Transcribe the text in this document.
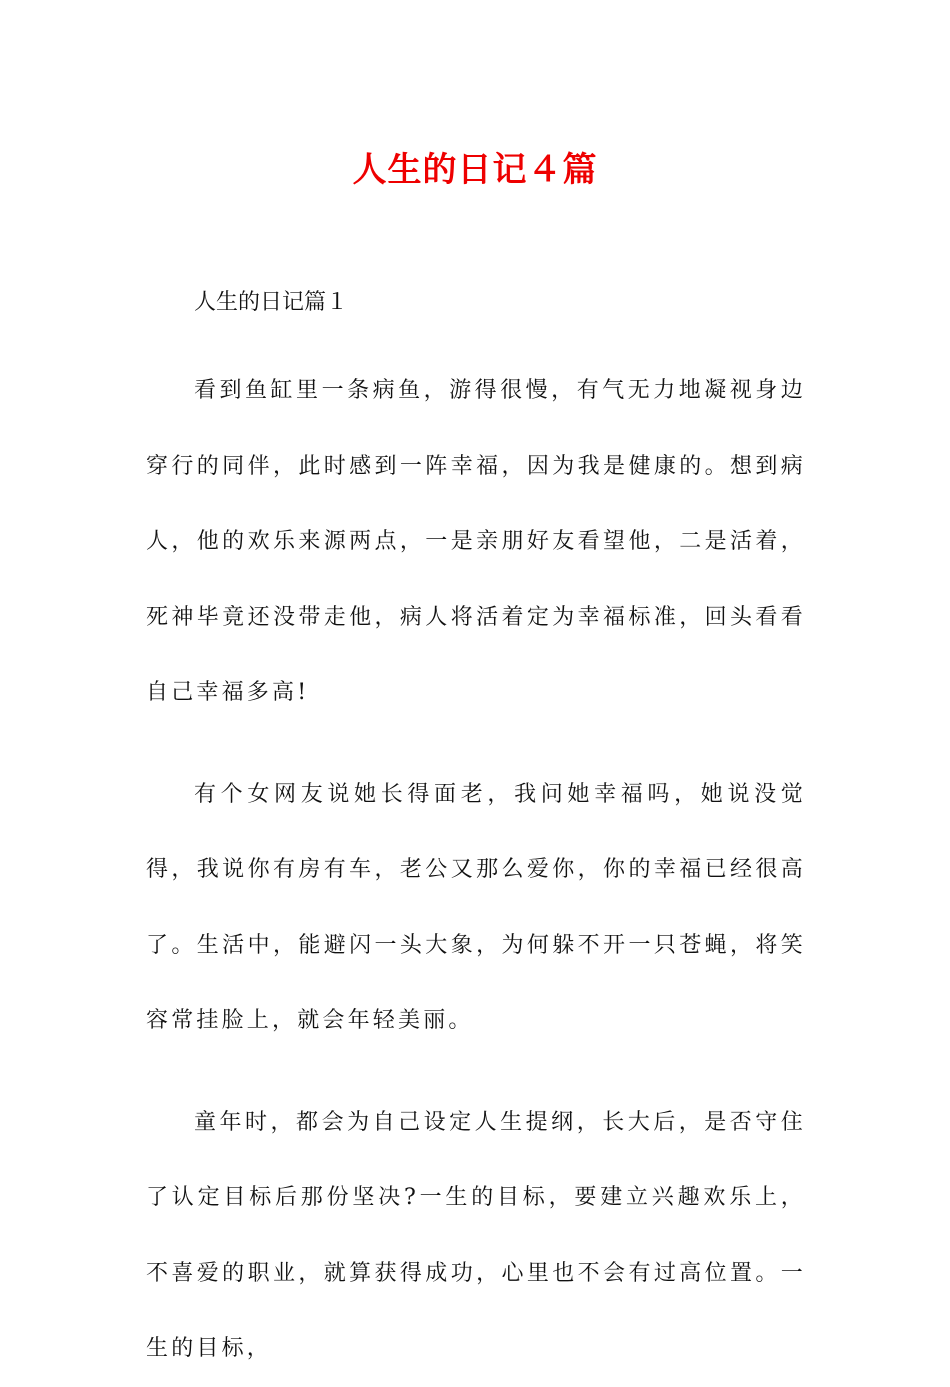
人生的日记４篇

人生的日记篇１

看到鱼缸里一条病鱼，游得很慢，有气无力地凝视身边穿行的同伴，此时感到一阵幸福，因为我是健康的。想到病人，他的欢乐来源两点，一是亲朋好友看望他，二是活着，死神毕竟还没带走他，病人将活着定为幸福标准，回头看看自己幸福多高!

有个女网友说她长得面老，我问她幸福吗，她说没觉得，我说你有房有车，老公又那么爱你，你的幸福已经很高了。生活中，能避闪一头大象，为何躲不开一只苍蝇，将笑容常挂脸上，就会年轻美丽。

童年时，都会为自己设定人生提纲，长大后，是否守住了认定目标后那份坚决?一生的目标，要建立兴趣欢乐上，不喜爱的职业，就算获得成功，心里也不会有过高位置。一生的目标，
